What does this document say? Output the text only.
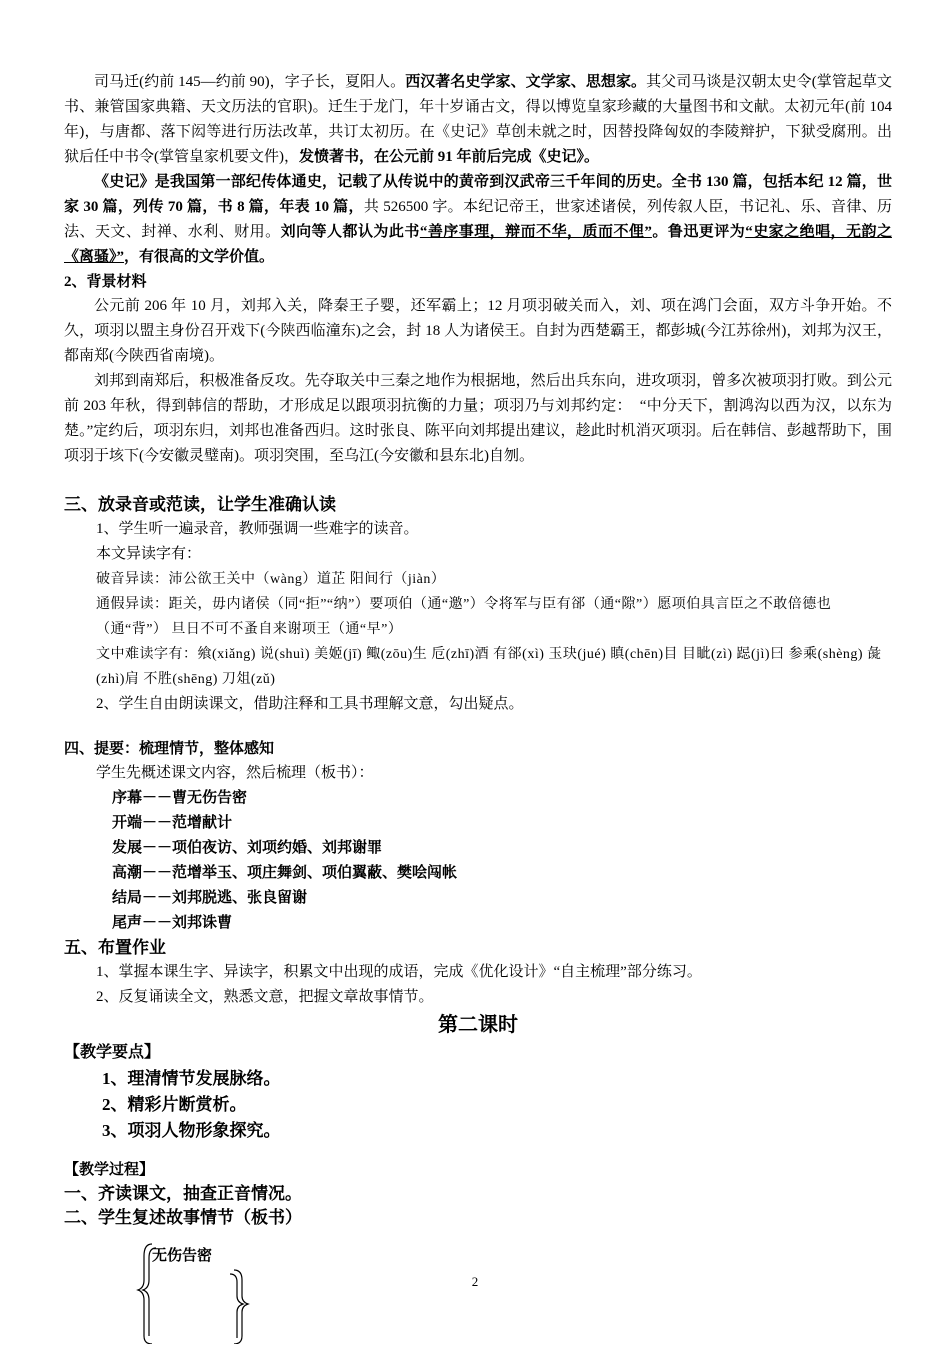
司马迁(约前 145—约前 90)，字子长，夏阳人。西汉著名史学家、文学家、思想家。其父司马谈是汉朝太史令(掌管起草文书、兼管国家典籍、天文历法的官职)。迁生于龙门，年十岁诵古文，得以博览皇家珍藏的大量图书和文献。太初元年(前 104 年)，与唐都、落下闳等进行历法改革，共订太初历。在《史记》草创未就之时，因替投降匈奴的李陵辩护，下狱受腐刑。出狱后任中书令(掌管皇家机要文件)，发愤著书，在公元前 91 年前后完成《史记》。

《史记》是我国第一部纪传体通史，记载了从传说中的黄帝到汉武帝三千年间的历史。全书 130 篇，包括本纪 12 篇，世家 30 篇，列传 70 篇，书 8 篇，年表 10 篇，共 526500 字。本纪记帝王，世家述诸侯，列传叙人臣，书记礼、乐、音律、历法、天文、封禅、水利、财用。刘向等人都认为此书“善序事理，辩而不华，质而不俚”。鲁迅更评为“史家之绝唱，无韵之《离骚》”，有很高的文学价值。

2、背景材料

公元前 206 年 10 月，刘邦入关，降秦王子婴，还军霸上；12 月项羽破关而入，刘、项在鸿门会面，双方斗争开始。不久，项羽以盟主身份召开戏下(今陕西临潼东)之会，封 18 人为诸侯王。自封为西楚霸王，都彭城(今江苏徐州)，刘邦为汉王，都南郑(今陕西省南境)。

刘邦到南郑后，积极准备反攻。先夺取关中三秦之地作为根据地，然后出兵东向，进攻项羽，曾多次被项羽打败。到公元前 203 年秋，得到韩信的帮助，才形成足以跟项羽抗衡的力量；项羽乃与刘邦约定：　“中分天下，割鸿沟以西为汉，以东为楚。”定约后，项羽东归，刘邦也准备西归。这时张良、陈平向刘邦提出建议，趁此时机消灭项羽。后在韩信、彭越帮助下，围项羽于垓下(今安徽灵璧南)。项羽突围，至乌江(今安徽和县东北)自刎。

三、放录音或范读，让学生准确认读

1、学生听一遍录音，教师强调一些难字的读音。

本文异读字有：

破音异读：沛公欲王关中（wàng）道芷 阳间行（jiàn）

通假异读：距关，毋内诸侯（同“拒”“纳”）要项伯（通“邀”）令将军与臣有郤（通“隙”）愿项伯具言臣之不敢倍德也（通“背”） 旦日不可不蚤自来谢项王（通“早”）

文中难读字有：飨(xiǎng) 说(shuì) 美姬(jī) 鲰(zōu)生 卮(zhī)酒 有郤(xì) 玉玦(jué) 瞋(chēn)目 目眦(zì) 跽(jì)曰 参乘(shèng) 彘(zhì)肩 不胜(shēng) 刀俎(zǔ)

2、学生自由朗读课文，借助注释和工具书理解文意，勾出疑点。

四、提要：梳理情节，整体感知

学生先概述课文内容，然后梳理（板书）：

序幕－－曹无伤告密

开端－－范增献计

发展－－项伯夜访、刘项约婚、刘邦谢罪

高潮－－范增举玉、项庄舞剑、项伯翼蔽、樊哙闯帐

结局－－刘邦脱逃、张良留谢

尾声－－刘邦诛曹

五、布置作业

1、掌握本课生字、异读字，积累文中出现的成语，完成《优化设计》“自主梳理”部分练习。

2、反复诵读全文，熟悉文意，把握文章故事情节。

第二课时

【教学要点】

1、理清情节发展脉络。

2、精彩片断赏析。

3、项羽人物形象探究。

【教学过程】

一、齐读课文，抽查正音情况。

二、学生复述故事情节（板书）

无伤告密
2
